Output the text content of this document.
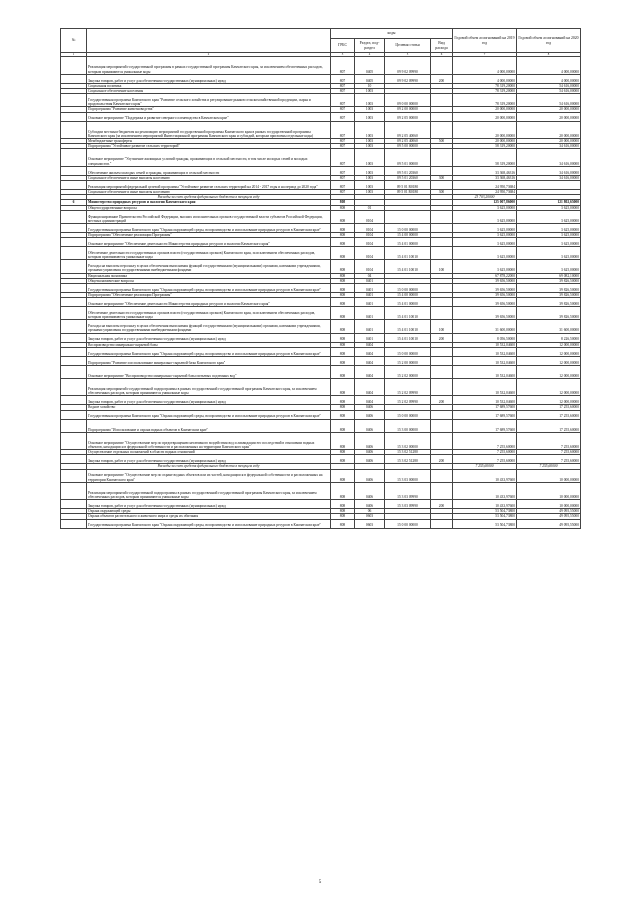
№		коды				Годовой объем ассигнований на 2019 год	Годовой объем ассигнований на 2020 год
		ГРБС	Раздел, под-раздел	Целевая статья	Вид расхода		
1	2	3	4	5	6	7	8
	Реализация мероприятий государственной программы в рамках государственной программы Камчатского края, за исключением обеспеченных расходов, которым принимаются уникальные коды	807	0405	09 9 02 09990		4 000,00000	4 000,00000
	Закупка товаров, работ и услуг для обеспечения государственных (муниципальных) нужд	807	0405	09 9 02 09990	200	4 000,00000	4 000,00000
	Социальная политика	807	10			78 319,20000	54 616,00000
	Социальное обеспечение населения	807	1003			78 319,20000	54 616,00000
	Государственная программа Камчатского края "Развитие сельского хозяйства и регулирование рынков сельскохозяйственной продукции, сырья и продовольствия Камчатского края"	807	1003	09 0 00 00000		78 319,20000	54 616,00000
	Подпрограмма "Развитие животноводства"	807	1003	09 2 00 00000		20 000,00000	20 000,00000
	Основное мероприятие "Поддержка и развитие северного оленеводства в Камчатском крае"	807	1003	09 2 05 00000		20 000,00000	20 000,00000
	Субсидии местным бюджетам на реализацию мероприятий государственной программы Камчатского края в рамках государственной программы Камчатского края (за исключением мероприятий Инвестиционной программы Камчатского края и субсидий, которым присвоены отдельные коды)	807	1003	09 2 05 40060		20 000,00000	20 000,00000
	Межбюджетные трансферты	807	1003	09 2 05 40060	500	20 000,00000	20 000,00000
	Подпрограмма "Устойчивое развитие сельских территорий"	807	1003	09 5 00 00000		58 319,20000	34 616,00000
	Основное мероприятие "Улучшение жилищных условий граждан, проживающих в сельской местности, в том числе молодых семей и молодых специалистов."	807	1003	09 5 01 00000		58 319,20000	34 616,00000
	Обеспечение жильем молодых семей и граждан, проживающих в сельской местности	807	1003	09 5 01 20360		33 368,46316	34 616,00000
	Социальное обеспечение и иные выплаты населению	807	1003	09 5 01 20360	300	33 368,46316	34 616,00000
	Реализация мероприятий федеральной целевой программы "Устойчивое развитие сельских территорий на 2014 - 2017 годы и на период до 2020 года"	807	1003	09 5 01 R0180		24 950,73684	
	Социальное обеспечение и иные выплаты населению	807	1003	09 5 01 R0180	300	24 950,73684	
	Расходы за счет средств федерального бюджета в текущем году					23 703,20000	
6	Министерство природных ресурсов и экологии Камчатского края	808				125 007,86000	121 802,65000
	Общегосударственные вопросы	808	01			3 625,00000	3 625,00000
	Функционирование Правительства Российской Федерации, высших исполнительных органов государственной власти субъектов Российской Федерации, местных администраций	808	0104			3 625,00000	3 625,00000
	Государственная программа Камчатского края "Охрана окружающей среды, воспроизводство и использование природных ресурсов в Камчатском крае"	808	0104	15 0 00 00000		3 625,00000	3 625,00000
	Подпрограмма "Обеспечение реализации Программы"	808	0104	15 4 00 00000		3 625,00000	3 625,00000
	Основное мероприятие "Обеспечение деятельности Министерства природных ресурсов и экологии Камчатского края"	808	0104	15 4 01 00000		3 625,00000	3 625,00000
	Обеспечение деятельности государственных органов власти (государственных органов) Камчатского края, за исключением обеспеченных расходов, которым присваиваются уникальные коды	808	0104	15 4 01 10010		3 625,00000	3 625,00000
	Расходы на выплаты персоналу в целях обеспечения выполнения функций государственными (муниципальными) органами, казенными учреждениями, органами управления государственными внебюджетными фондами	808	0104	15 4 01 10010	100	3 625,00000	3 625,00000
	Национальная экономика	808	04			67 878,22000	69 082,10000
	Общеэкономические вопросы	808	0401			39 656,50000	39 826,50000
	Государственная программа Камчатского края "Охрана окружающей среды, воспроизводство и использование природных ресурсов в Камчатском крае"	808	0401	15 0 00 00000		39 656,50000	39 826,50000
	Подпрограмма "Обеспечение реализации Программы"	808	0401	15 4 00 00000		39 656,50000	39 826,50000
	Основное мероприятие "Обеспечение деятельности Министерства природных ресурсов и экологии Камчатского края"	808	0401	15 4 01 00000		39 656,50000	39 826,50000
	Обеспечение деятельности государственных органов власти (государственных органов) Камчатского края, за исключением обеспеченных расходов, которым присваиваются уникальные коды	808	0401	15 4 01 10010		39 656,50000	39 826,50000
	Расходы на выплаты персоналу в целях обеспечения выполнения функций государственными (муниципальными) органами, казенными учреждениями, органами управления государственными внебюджетными фондами	808	0401	15 4 01 10010	100	31 600,00000	31 600,00000
	Закупка товаров, работ и услуг для обеспечения государственных (муниципальных) нужд	808	0401	15 4 01 10010	200	8 056,50000	8 226,50000
	Воспроизводство минерально-сырьевой базы	808	0404			10 532,04600	12 000,00000
	Государственная программа Камчатского края "Охрана окружающей среды, воспроизводство и использование природных ресурсов в Камчатском крае"	808	0404	15 0 00 00000		10 532,04600	12 000,00000
	Подпрограмма "Развитие и использование минерально-сырьевой базы Камчатского края"	808	0404	15 2 00 00000		10 532,04600	12 000,00000
	Основное мероприятие "Воспроизводство минерально-сырьевой базы питьевых подземных вод"	808	0404	15 2 02 00000		10 532,04600	12 000,00000
	Реализация мероприятий государственной подпрограммы в рамках государственной государственной программы Камчатского края, за исключением обеспеченных расходов, которым принимаются уникальные коды	808	0404	15 2 02 09990		10 532,04600	12 000,00000
	Закупка товаров, работ и услуг для обеспечения государственных (муниципальных) нужд	808	0404	15 2 02 09990	200	10 532,04600	12 000,00000
	Водное хозяйство	808	0406			17 689,57600	17 255,60000
	Государственная программа Камчатского края "Охрана окружающей среды, воспроизводство и использование природных ресурсов в Камчатском крае"	808	0406	15 0 00 00000		17 689,57600	17 255,60000
	Подпрограмма "Использование и охрана водных объектов в Камчатском крае"	808	0406	15 3 00 00000		17 689,57600	17 255,60000
	Основное мероприятие "Осуществление мер по предотвращению негативного воздействия вод и ликвидации его последствий в отношении водных объектов, находящихся в федеральной собственности и расположенных на территории Камчатского края"	808	0406	15 3 02 00000		7 255,60000	7 255,60000
	Осуществление отдельных полномочий в области водных отношений	808	0406	15 3 02 51280		7 255,60000	7 255,60000
	Закупка товаров, работ и услуг для обеспечения государственных (муниципальных) нужд	808	0406	15 3 02 51280	200	7 255,60000	7 255,60000
	Расходы за счет средств федерального бюджета в текущем году					7 255,60000	7 255,60000
	Основное мероприятие "Осуществление мер по охране водных объектов или их частей, находящихся в федеральной собственности и расположенных на территории Камчатского края"	808	0406	15 3 03 00000		10 433,97600	10 000,00000
	Реализация мероприятий государственной подпрограммы в рамках государственной государственной программы Камчатского края, за исключением обеспеченных расходов, которым принимаются уникальные коды	808	0406	15 3 03 09990		10 433,97600	10 000,00000
	Закупка товаров, работ и услуг для обеспечения государственных (муниципальных) нужд	808	0406	15 3 03 09990	200	10 433,97600	10 000,00000
	Охрана окружающей среды	808	06			53 504,73800	49 095,55000
	Охрана объектов растительного и животного мира и среды их обитания	808	0603			53 504,73800	49 095,55000
	Государственная программа Камчатского края "Охрана окружающей среды, воспроизводство и использование природных ресурсов в Камчатском крае"	808	0603	15 0 00 00000		53 504,73800	49 095,55000
5
